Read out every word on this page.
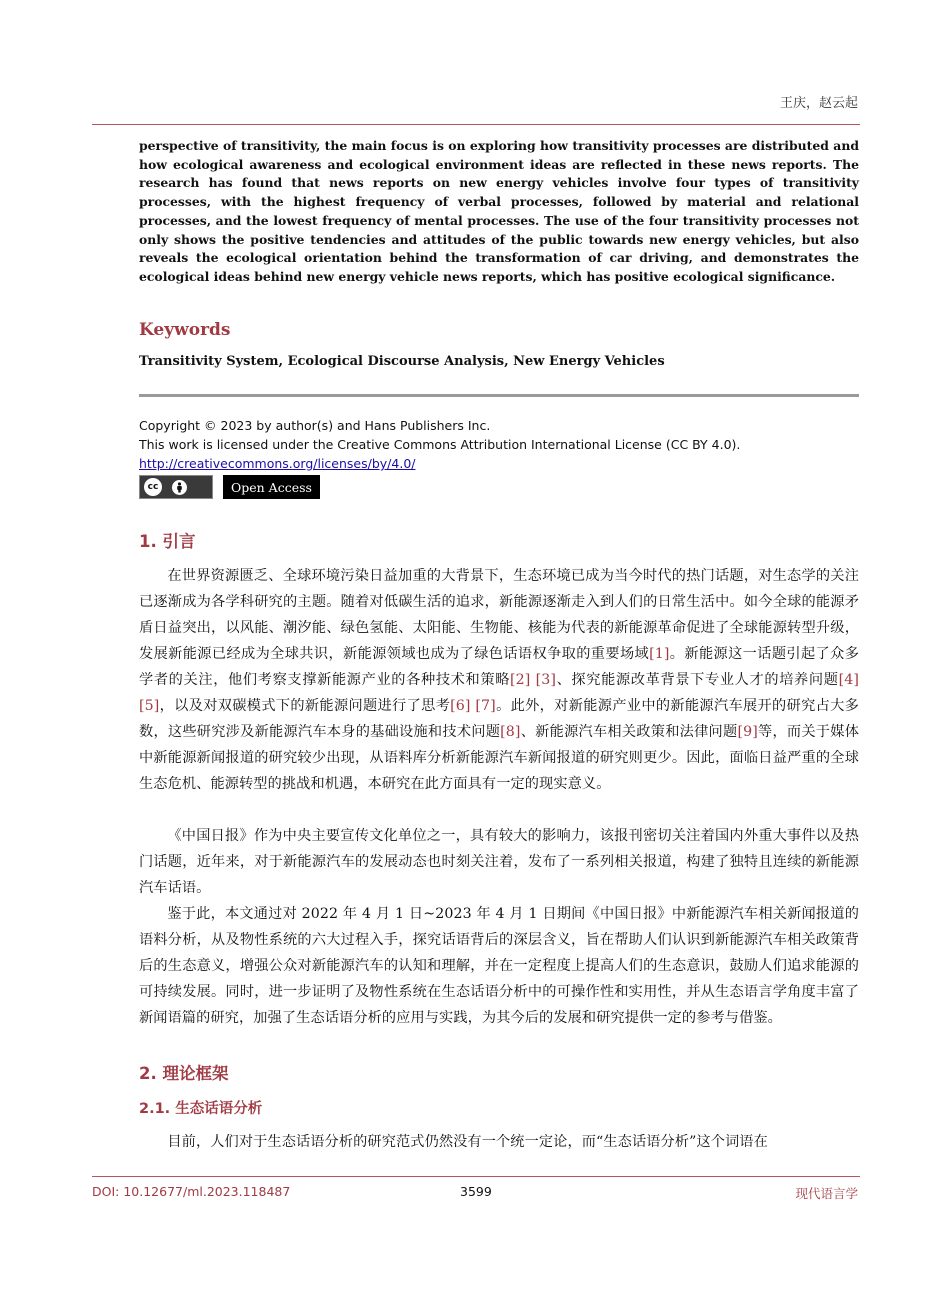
王庆，赵云起

perspective of transitivity, the main focus is on exploring how transitivity processes are distributed and how ecological awareness and ecological environment ideas are reflected in these news reports. The research has found that news reports on new energy vehicles involve four types of transitivity processes, with the highest frequency of verbal processes, followed by material and relational processes, and the lowest frequency of mental processes. The use of the four transitivity processes not only shows the positive tendencies and attitudes of the public towards new energy vehicles, but also reveals the ecological orientation behind the transformation of car driving, and demonstrates the ecological ideas behind new energy vehicle news reports, which has positive ecological significance.

Keywords

Transitivity System, Ecological Discourse Analysis, New Energy Vehicles

Copyright © 2023 by author(s) and Hans Publishers Inc.
This work is licensed under the Creative Commons Attribution International License (CC BY 4.0).
http://creativecommons.org/licenses/by/4.0/
cc	Open Access
1. 引言

在世界资源匮乏、全球环境污染日益加重的大背景下，生态环境已成为当今时代的热门话题，对生态学的关注已逐渐成为各学科研究的主题。随着对低碳生活的追求，新能源逐渐走入到人们的日常生活中。如今全球的能源矛盾日益突出，以风能、潮汐能、绿色氢能、太阳能、生物能、核能为代表的新能源革命促进了全球能源转型升级，发展新能源已经成为全球共识，新能源领域也成为了绿色话语权争取的重要场域[1]。新能源这一话题引起了众多学者的关注，他们考察支撑新能源产业的各种技术和策略[2] [3]、探究能源改革背景下专业人才的培养问题[4] [5]，以及对双碳模式下的新能源问题进行了思考[6] [7]。此外，对新能源产业中的新能源汽车展开的研究占大多数，这些研究涉及新能源汽车本身的基础设施和技术问题[8]、新能源汽车相关政策和法律问题[9]等，而关于媒体中新能源新闻报道的研究较少出现，从语料库分析新能源汽车新闻报道的研究则更少。因此，面临日益严重的全球生态危机、能源转型的挑战和机遇，本研究在此方面具有一定的现实意义。

《中国日报》作为中央主要宣传文化单位之一，具有较大的影响力，该报刊密切关注着国内外重大事件以及热门话题，近年来，对于新能源汽车的发展动态也时刻关注着，发布了一系列相关报道，构建了独特且连续的新能源汽车话语。

鉴于此，本文通过对 2022 年 4 月 1 日~2023 年 4 月 1 日期间《中国日报》中新能源汽车相关新闻报道的语料分析，从及物性系统的六大过程入手，探究话语背后的深层含义，旨在帮助人们认识到新能源汽车相关政策背后的生态意义，增强公众对新能源汽车的认知和理解，并在一定程度上提高人们的生态意识，鼓励人们追求能源的可持续发展。同时，进一步证明了及物性系统在生态话语分析中的可操作性和实用性，并从生态语言学角度丰富了新闻语篇的研究，加强了生态话语分析的应用与实践，为其今后的发展和研究提供一定的参考与借鉴。

2. 理论框架
2.1. 生态话语分析

目前，人们对于生态话语分析的研究范式仍然没有一个统一定论，而“生态话语分析”这个词语在

DOI: 10.12677/ml.2023.118487	3599	现代语言学
